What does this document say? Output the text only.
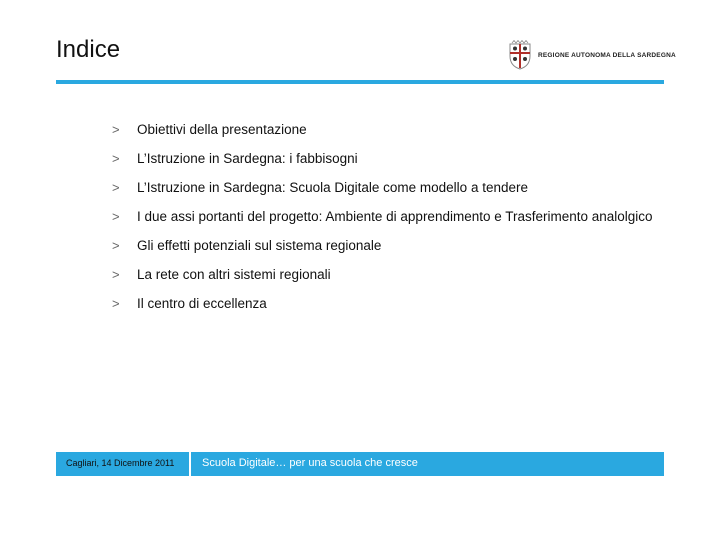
Indice	REGIONE AUTONOMA DELLA SARDEGNA
>	Obiettivi della presentazione
>	L’Istruzione in Sardegna: i fabbisogni
>	L’Istruzione in Sardegna: Scuola Digitale come modello a tendere
>	I due assi portanti del progetto: Ambiente di apprendimento e Trasferimento analolgico
>	Gli effetti potenziali sul sistema regionale
>	La rete con altri sistemi regionali
>	Il centro di eccellenza
Cagliari, 14 Dicembre 2011	Scuola Digitale… per una scuola che cresce
